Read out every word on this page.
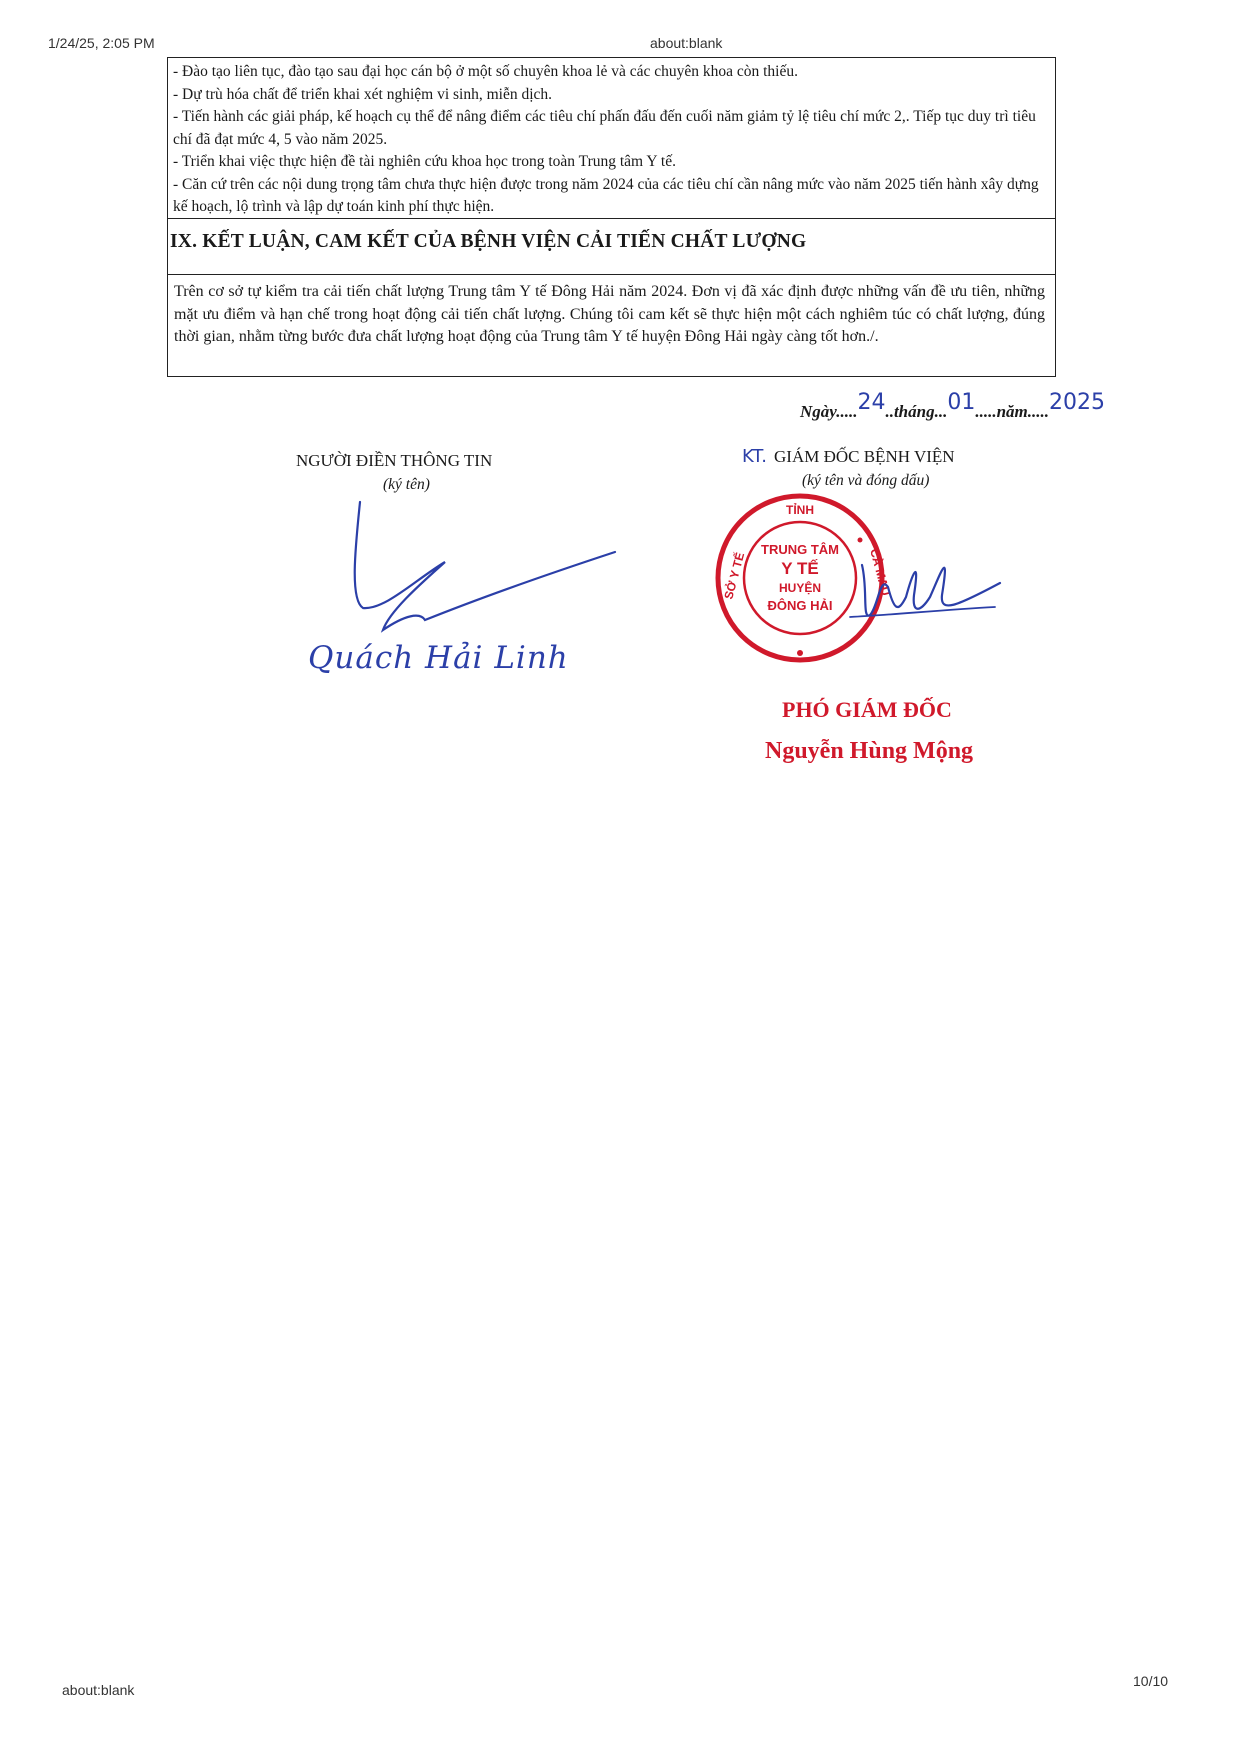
1/24/25, 2:05 PM	about:blank

- Đào tạo liên tục, đào tạo sau đại học cán bộ ở một số chuyên khoa lẻ và các chuyên khoa còn thiếu.

- Dự trù hóa chất để triển khai xét nghiệm vi sinh, miễn dịch.

- Tiến hành các giải pháp, kế hoạch cụ thể để nâng điểm các tiêu chí phấn đấu đến cuối năm giảm tỷ lệ tiêu chí mức 2,. Tiếp tục duy trì tiêu chí đã đạt mức 4, 5 vào năm 2025.

- Triển khai việc thực hiện đề tài nghiên cứu khoa học trong toàn Trung tâm Y tế.

- Căn cứ trên các nội dung trọng tâm chưa thực hiện được trong năm 2024 của các tiêu chí cần nâng mức vào năm 2025 tiến hành xây dựng kế hoạch, lộ trình và lập dự toán kinh phí thực hiện.

IX. KẾT LUẬN, CAM KẾT CỦA BỆNH VIỆN CẢI TIẾN CHẤT LƯỢNG
Trên cơ sở tự kiểm tra cải tiến chất lượng Trung tâm Y tế Đông Hải năm 2024. Đơn vị đã xác định được những vấn đề ưu tiên, những mặt ưu điểm và hạn chế trong hoạt động cải tiến chất lượng. Chúng tôi cam kết sẽ thực hiện một cách nghiêm túc có chất lượng, đúng thời gian, nhằm từng bước đưa chất lượng hoạt động của Trung tâm Y tế huyện Đông Hải ngày càng tốt hơn./.
Ngày.....24..tháng...01.....năm.....2025
NGƯỜI ĐIỀN THÔNG TIN
(ký tên)
KT. GIÁM ĐỐC BỆNH VIỆN
(ký tên và đóng dấu)
Quách Hải Linh
TỈNH
SỞ Y TẾ	CÀ MAU
TRUNG TÂM
Y TẾ
HUYỆN
ĐÔNG HẢI
PHÓ GIÁM ĐỐC
Nguyễn Hùng Mộng
about:blank
10/10
